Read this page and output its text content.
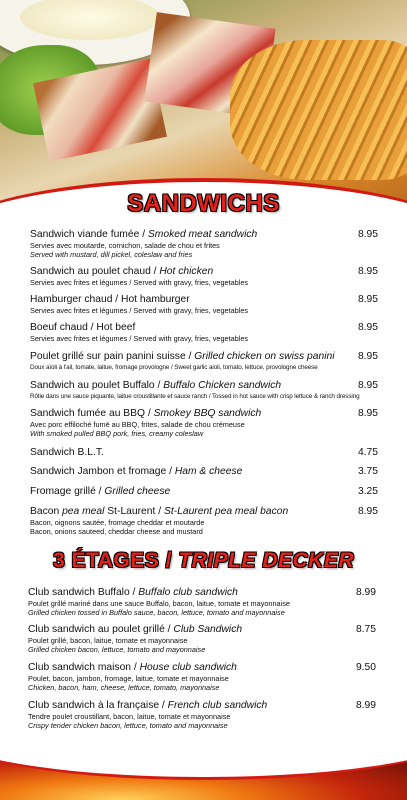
SANDWICHS
Sandwich viande fumée / Smoked meat sandwich	8.95
Servies avec moutarde, cornichon, salade de chou et frites
Served with mustard, dill pickel, coleslaw and fries
Sandwich au poulet chaud / Hot chicken	8.95
Servies avec frites et légumes / Served with gravy, fries, vegetables
Hamburger chaud / Hot hamburger	8.95
Servies avec frites et légumes / Served with gravy, fries, vegetables
Boeuf chaud / Hot beef	8.95
Servies avec frites et légumes / Served with gravy, fries, vegetables
Poulet grillé sur pain panini suisse / Grilled chicken on swiss panini 8.95
Doux aïoli à l'ail, tomate, laitue, fromage provologne / Sweet garlic aioli, tomato, lettuce, provologne cheese
Sandwich au poulet Buffalo / Buffalo Chicken sandwich	8.95
Rôtie dans une sauce piquante, laitue croustillante et sauce ranch / Tossed in hot sauce with crisp lettuce & ranch dressing
Sandwich fumée au BBQ / Smokey BBQ sandwich	8.95
Avec porc effiloché fumé au BBQ, frites, salade de chou crémeuse
With smoked pulled BBQ pork, fries, creamy coleslaw
Sandwich B.L.T.	4.75
Sandwich Jambon et fromage / Ham & cheese	3.75
Fromage grillé / Grilled cheese	3.25
Bacon pea meal St-Laurent / St-Laurent pea meal bacon	8.95
Bacon, oignons sautée, fromage cheddar et moutarde
Bacon, onions sauteed, cheddar cheese and mustard
3 ÉTAGES / TRIPLE DECKER
Club sandwich Buffalo / Buffalo club sandwich	8.99
Poulet grillé mariné dans une sauce Buffalo, bacon, laitue, tomate et mayonnaise
Grilled chicken tossed in Buffalo sauce, bacon, lettuce, tomato and mayonnaise
Club sandwich au poulet grillé / Club Sandwich	8.75
Poulet grillé, bacon, laitue, tomate et mayonnaise
Grilled chicken bacon, lettuce, tomato and mayonnaise
Club sandwich maison / House club sandwich	9.50
Poulet, bacon, jambon, fromage, laitue, tomate et mayonnaise
Chicken, bacon, ham, cheese, lettuce, tomato, mayonnaise
Club sandwich à la française / French club sandwich	8.99
Tendre poulet croustillant, bacon, laitue, tomate et mayonnaise
Crispy tender chicken bacon, lettuce, tomato and mayonnaise
